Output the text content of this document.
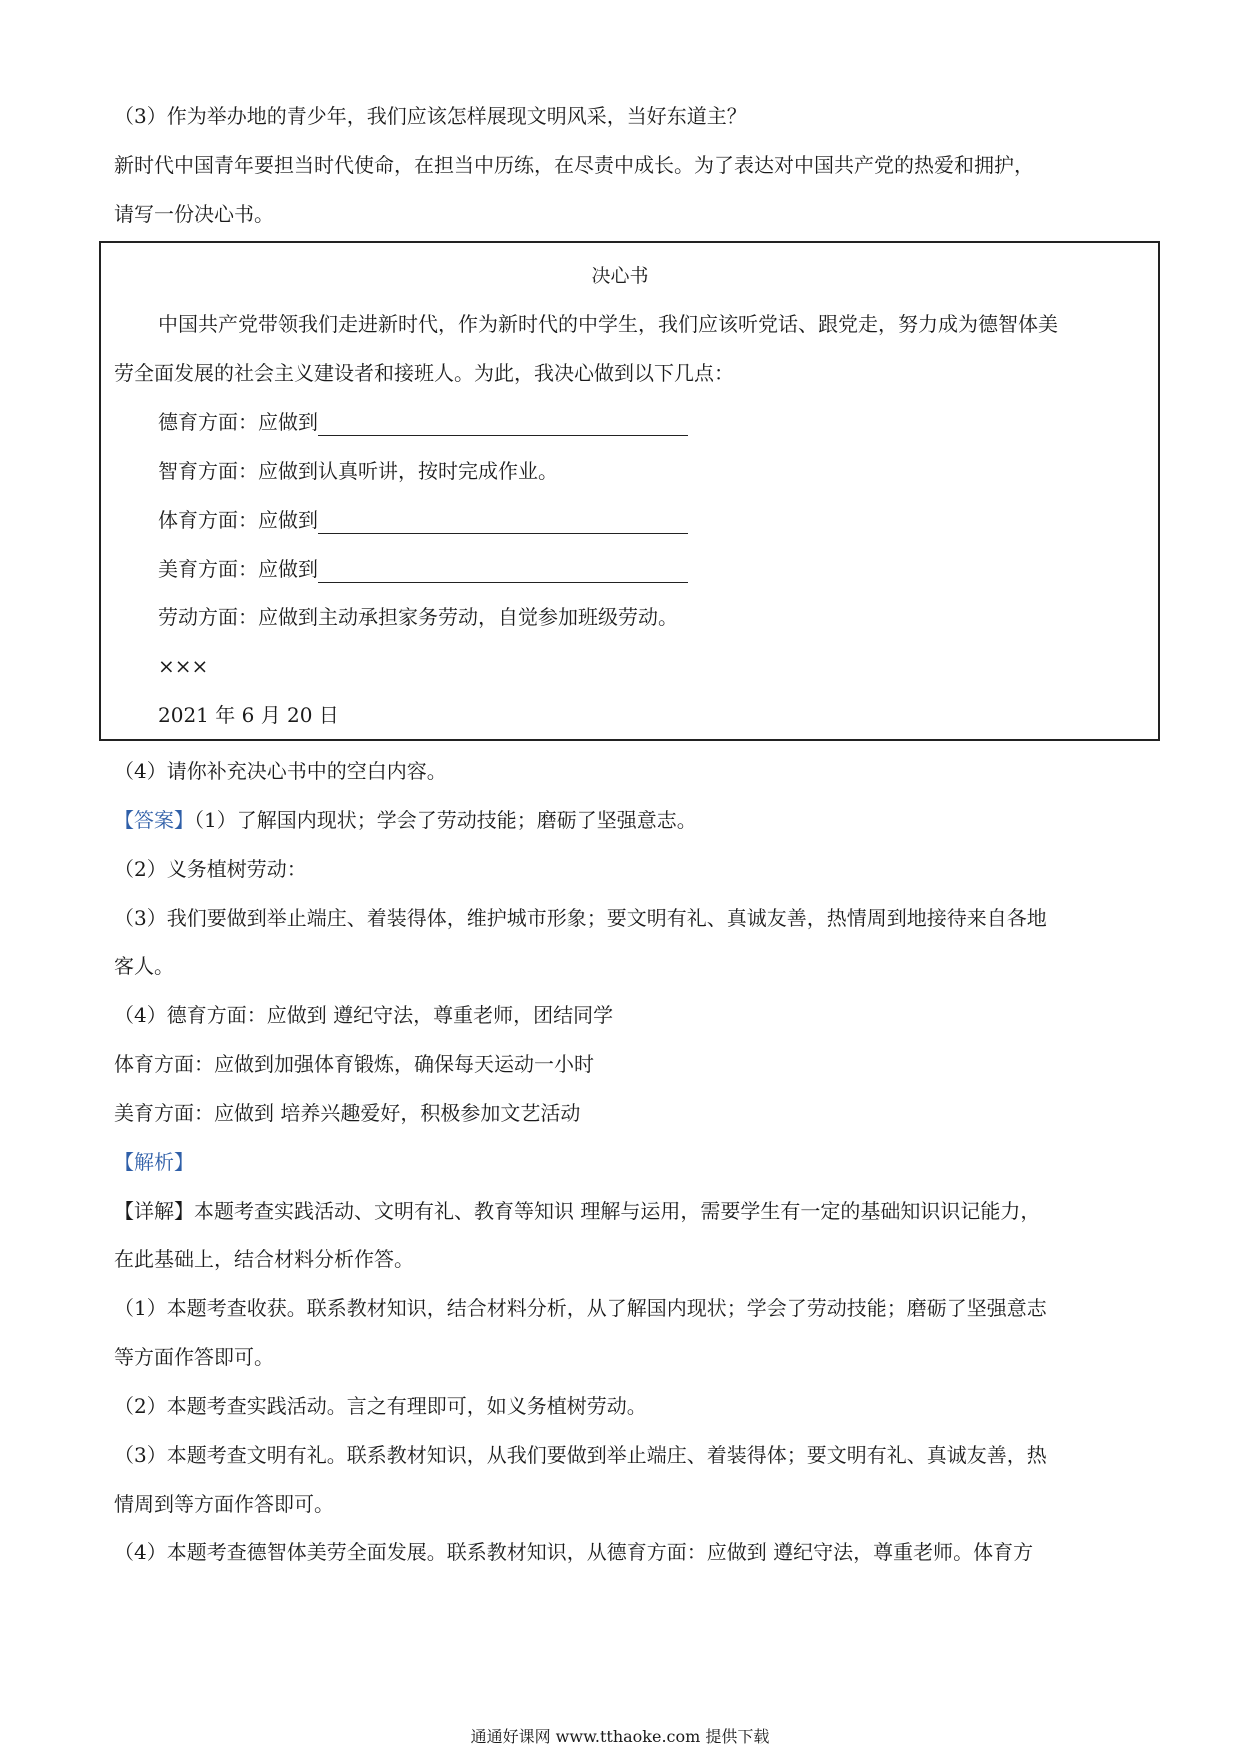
（3）作为举办地的青少年，我们应该怎样展现文明风采，当好东道主？
新时代中国青年要担当时代使命，在担当中历练，在尽责中成长。为了表达对中国共产党的热爱和拥护，
请写一份决心书。
决心书
中国共产党带领我们走进新时代，作为新时代的中学生，我们应该听党话、跟党走，努力成为德智体美
劳全面发展的社会主义建设者和接班人。为此，我决心做到以下几点：
德育方面：应做到
智育方面：应做到认真听讲，按时完成作业。
体育方面：应做到
美育方面：应做到
劳动方面：应做到主动承担家务劳动，自觉参加班级劳动。
×××
2021 年 6 月 20 日
（4）请你补充决心书中的空白内容。
【答案】（1）了解国内现状；学会了劳动技能；磨砺了坚强意志。
（2）义务植树劳动：
（3）我们要做到举止端庄、着装得体，维护城市形象；要文明有礼、真诚友善，热情周到地接待来自各地
客人。
（4）德育方面：应做到 遵纪守法，尊重老师，团结同学
体育方面：应做到加强体育锻炼，确保每天运动一小时
美育方面：应做到 培养兴趣爱好，积极参加文艺活动
【解析】
【详解】本题考查实践活动、文明有礼、教育等知识 理解与运用，需要学生有一定的基础知识识记能力，
在此基础上，结合材料分析作答。
（1）本题考查收获。联系教材知识，结合材料分析，从了解国内现状；学会了劳动技能；磨砺了坚强意志
等方面作答即可。
（2）本题考查实践活动。言之有理即可，如义务植树劳动。
（3）本题考查文明有礼。联系教材知识，从我们要做到举止端庄、着装得体；要文明有礼、真诚友善，热
情周到等方面作答即可。
（4）本题考查德智体美劳全面发展。联系教材知识，从德育方面：应做到 遵纪守法，尊重老师。体育方
通通好课网 www.tthaoke.com 提供下载
